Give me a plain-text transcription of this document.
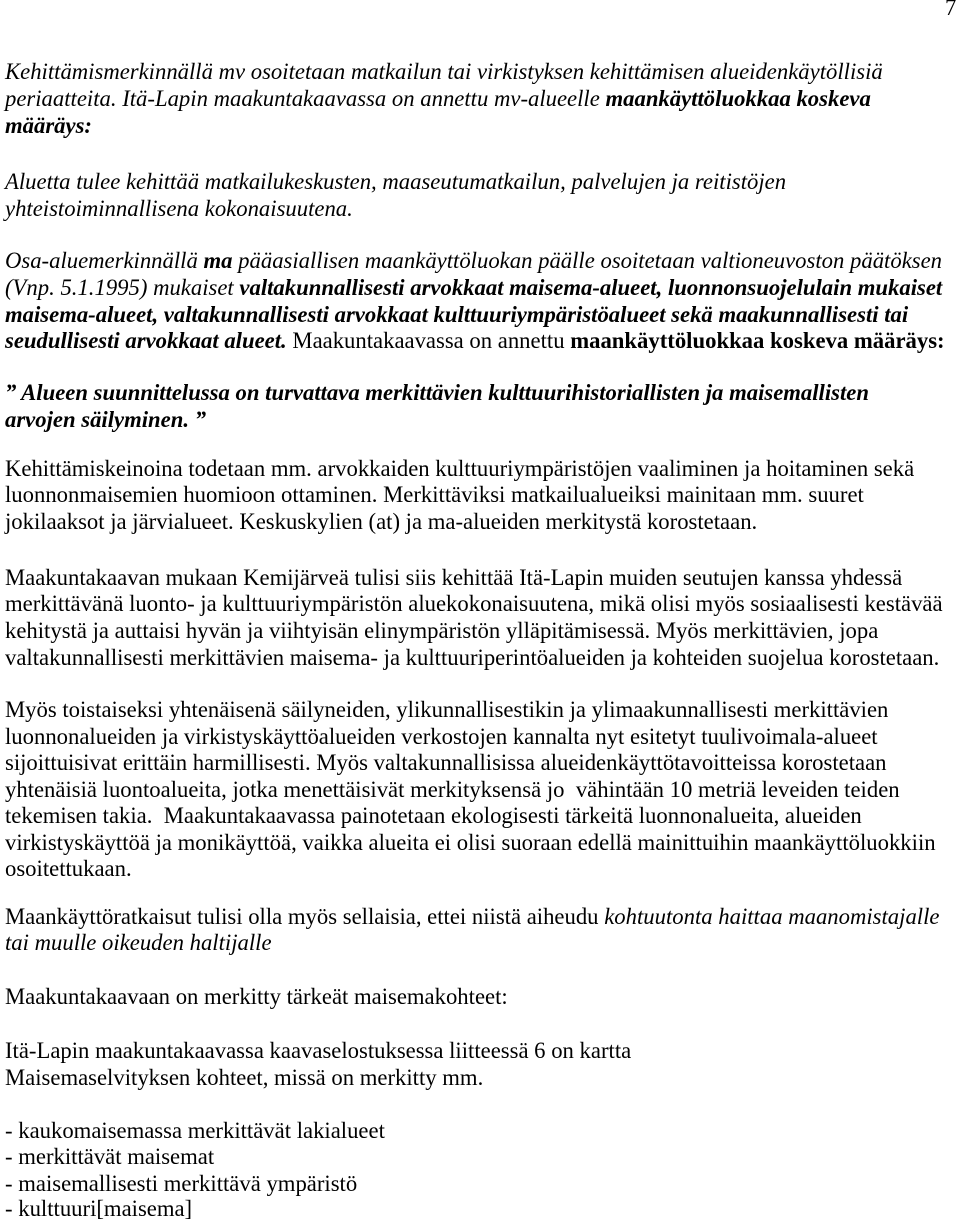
7
Kehittämismerkinnällä mv osoitetaan matkailun tai virkistyksen kehittämisen alueidenkäytöllisiä
periaatteita. Itä-Lapin maakuntakaavassa on annettu mv-alueelle maankäyttöluokkaa koskeva
määräys:
Aluetta tulee kehittää matkailukeskusten, maaseutumatkailun, palvelujen ja reitistöjen
yhteistoiminnallisena kokonaisuutena.
Osa-aluemerkinnällä ma pääasiallisen maankäyttöluokan päälle osoitetaan valtioneuvoston päätöksen
(Vnp. 5.1.1995) mukaiset valtakunnallisesti arvokkaat maisema-alueet, luonnonsuojelulain mukaiset
maisema-alueet, valtakunnallisesti arvokkaat kulttuuriympäristöalueet sekä maakunnallisesti tai
seudullisesti arvokkaat alueet. Maakuntakaavassa on annettu maankäyttöluokkaa koskeva määräys:
” Alueen suunnittelussa on turvattava merkittävien kulttuurihistoriallisten ja maisemallisten
arvojen säilyminen. ”
Kehittämiskeinoina todetaan mm. arvokkaiden kulttuuriympäristöjen vaaliminen ja hoitaminen sekä
luonnonmaisemien huomioon ottaminen. Merkittäviksi matkailualueiksi mainitaan mm. suuret
jokilaaksot ja järvialueet. Keskuskylien (at) ja ma-alueiden merkitystä korostetaan.
Maakuntakaavan mukaan Kemijärveä tulisi siis kehittää Itä-Lapin muiden seutujen kanssa yhdessä
merkittävänä luonto- ja kulttuuriympäristön aluekokonaisuutena, mikä olisi myös sosiaalisesti kestävää
kehitystä ja auttaisi hyvän ja viihtyisän elinympäristön ylläpitämisessä. Myös merkittävien, jopa
valtakunnallisesti merkittävien maisema- ja kulttuuriperintöalueiden ja kohteiden suojelua korostetaan.
Myös toistaiseksi yhtenäisenä säilyneiden, ylikunnallisestikin ja ylimaakunnallisesti merkittävien
luonnonalueiden ja virkistyskäyttöalueiden verkostojen kannalta nyt esitetyt tuulivoimala-alueet
sijoittuisivat erittäin harmillisesti. Myös valtakunnallisissa alueidenkäyttötavoitteissa korostetaan
yhtenäisiä luontoalueita, jotka menettäisivät merkityksensä jo  vähintään 10 metriä leveiden teiden
tekemisen takia.  Maakuntakaavassa painotetaan ekologisesti tärkeitä luonnonalueita, alueiden
virkistyskäyttöä ja monikäyttöä, vaikka alueita ei olisi suoraan edellä mainittuihin maankäyttöluokkiin
osoitettukaan.
Maankäyttöratkaisut tulisi olla myös sellaisia, ettei niistä aiheudu kohtuutonta haittaa maanomistajalle
tai muulle oikeuden haltijalle
Maakuntakaavaan on merkitty tärkeät maisemakohteet:
Itä-Lapin maakuntakaavassa kaavaselostuksessa liitteessä 6 on kartta
Maisemaselvityksen kohteet, missä on merkitty mm.
- kaukomaisemassa merkittävät lakialueet
- merkittävät maisemat
- maisemallisesti merkittävä ympäristö
- kulttuuri[maisema]
